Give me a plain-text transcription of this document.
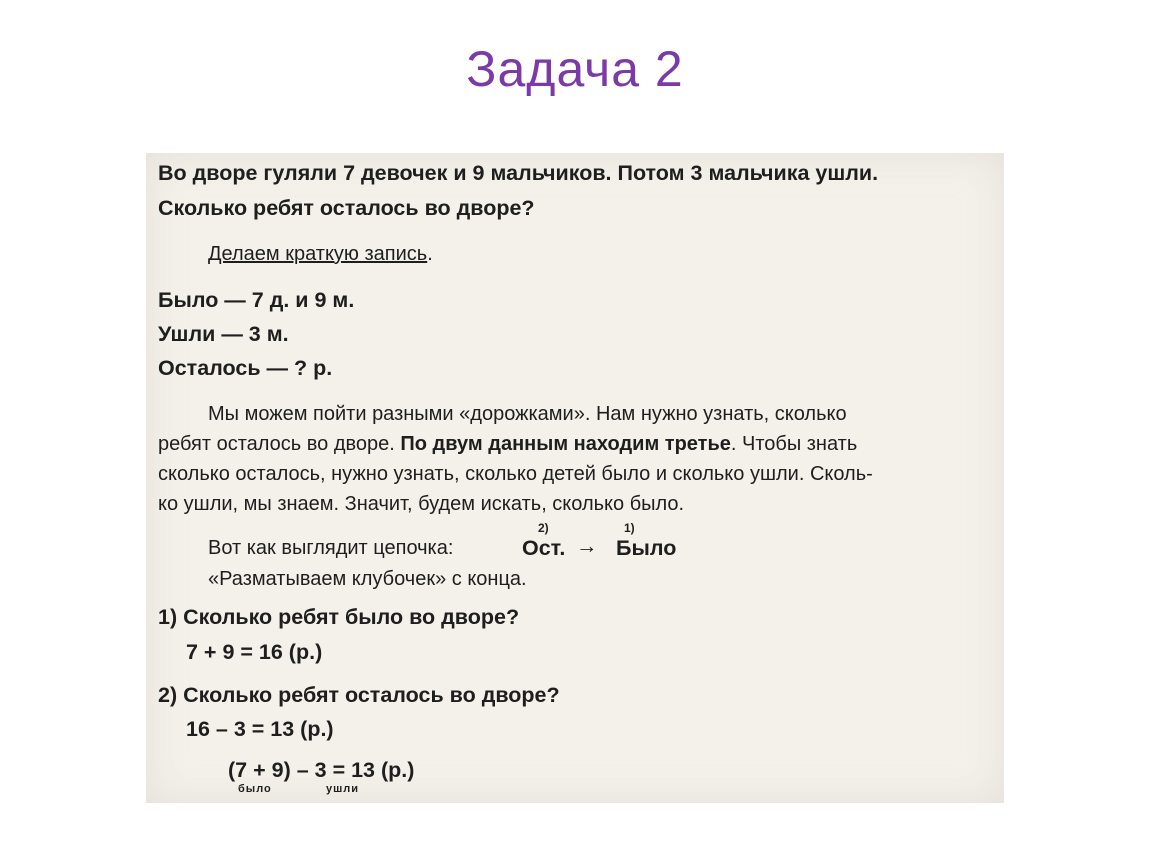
Задача 2
Во дворе гуляли 7 девочек и 9 мальчиков. Потом 3 мальчика ушли.
Сколько ребят осталось во дворе?
Делаем краткую запись.
Было — 7 д. и 9 м.
Ушли — 3 м.
Осталось — ? р.
Мы можем пойти разными «дорожками». Нам нужно узнать, сколько
ребят осталось во дворе. По двум данным находим третье. Чтобы знать
сколько осталось, нужно узнать, сколько детей было и сколько ушли. Сколь-
ко ушли, мы знаем. Значит, будем искать, сколько было.
Вот как выглядит цепочка:
2)
Ост. →
1)
Было
«Разматываем клубочек» с конца.
1) Сколько ребят было во дворе?
7 + 9 = 16 (р.)
2) Сколько ребят осталось во дворе?
16 – 3 = 13 (р.)
(7 + 9) – 3 = 13 (р.)
было	ушли
